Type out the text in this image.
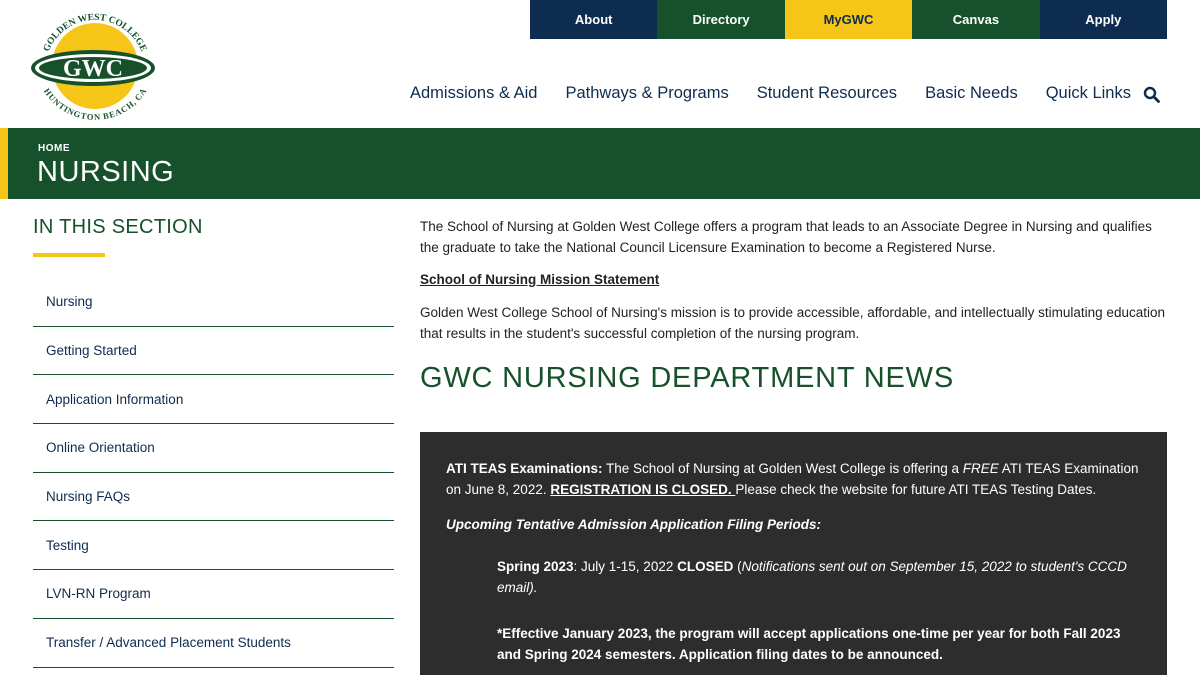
GWC
GOLDEN WEST COLLEGE
HUNTINGTON BEACH, CA
About	Directory	MyGWC	Canvas	Apply
Admissions & Aid Pathways & Programs Student Resources Basic Needs Quick Links
HOME
NURSING
IN THIS SECTION
Nursing
Getting Started
Application Information
Online Orientation
Nursing FAQs
Testing
LVN-RN Program
Transfer / Advanced Placement Students

The School of Nursing at Golden West College offers a program that leads to an Associate Degree in Nursing and qualifies the graduate to take the National Council Licensure Examination to become a Registered Nurse.

School of Nursing Mission Statement

Golden West College School of Nursing's mission is to provide accessible, affordable, and intellectually stimulating education that results in the student's successful completion of the nursing program.

GWC NURSING DEPARTMENT NEWS

ATI TEAS Examinations: The School of Nursing at Golden West College is offering a FREE ATI TEAS Examination on June 8, 2022. REGISTRATION IS CLOSED. Please check the website for future ATI TEAS Testing Dates.

Upcoming Tentative Admission Application Filing Periods:

Spring 2023: July 1-15, 2022 CLOSED (Notifications sent out on September 15, 2022 to student's CCCD email).

*Effective January 2023, the program will accept applications one-time per year for both Fall 2023 and Spring 2024 semesters. Application filing dates to be announced.
